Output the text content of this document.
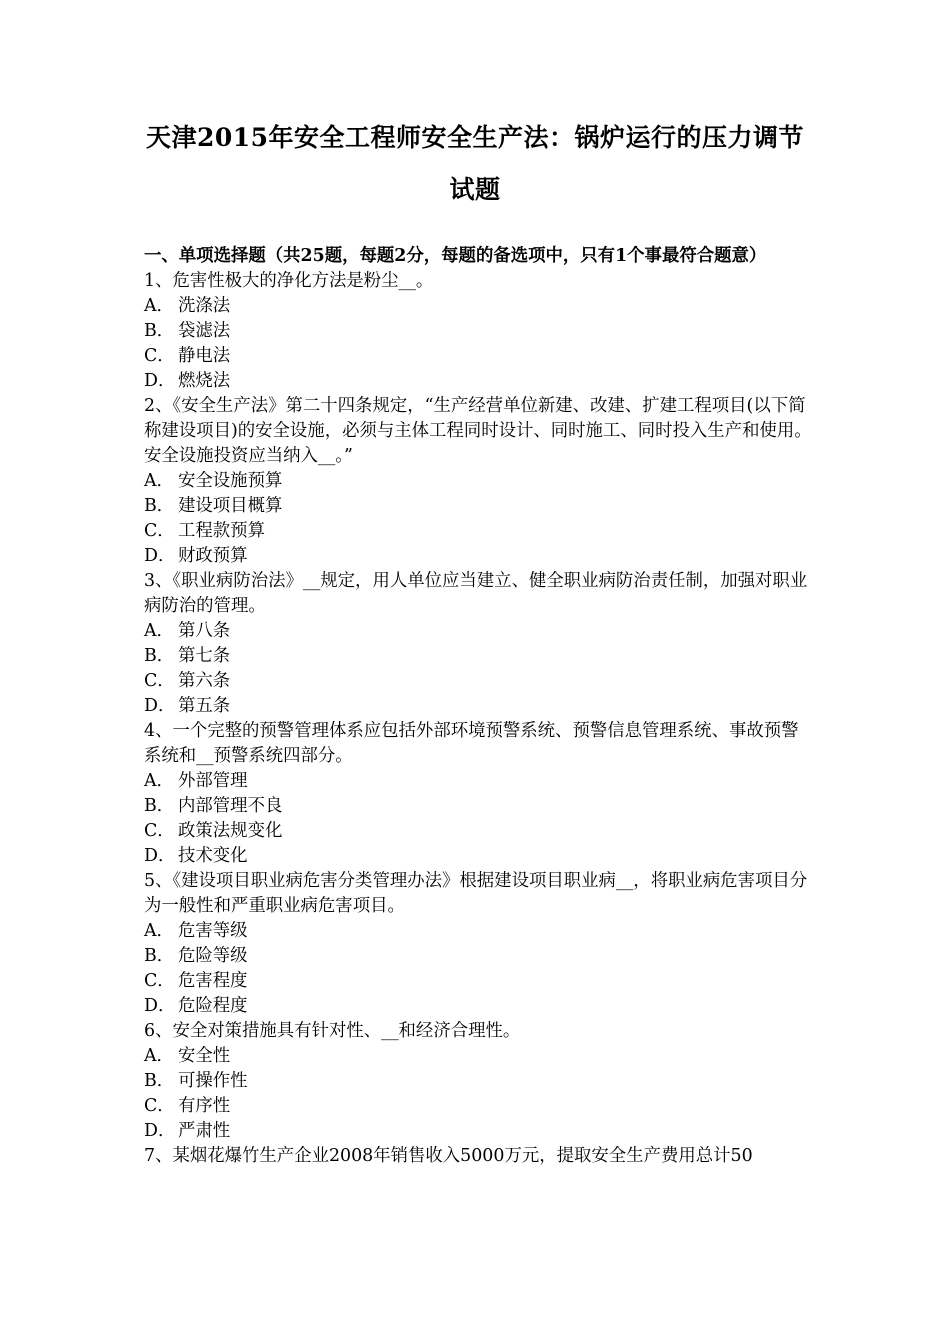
天津2015年安全工程师安全生产法：锅炉运行的压力调节
试题
一、单项选择题（共25题，每题2分，每题的备选项中，只有1个事最符合题意）
1、危害性极大的净化方法是粉尘__。
A． 洗涤法
B． 袋滤法
C． 静电法
D． 燃烧法
2、《安全生产法》第二十四条规定，“生产经营单位新建、改建、扩建工程项目(以下简称建设项目)的安全设施，必须与主体工程同时设计、同时施工、同时投入生产和使用。安全设施投资应当纳入__。”
A． 安全设施预算
B． 建设项目概算
C． 工程款预算
D． 财政预算
3、《职业病防治法》__规定，用人单位应当建立、健全职业病防治责任制，加强对职业病防治的管理。
A． 第八条
B． 第七条
C． 第六条
D． 第五条
4、一个完整的预警管理体系应包括外部环境预警系统、预警信息管理系统、事故预警系统和__预警系统四部分。
A． 外部管理
B． 内部管理不良
C． 政策法规变化
D． 技术变化
5、《建设项目职业病危害分类管理办法》根据建设项目职业病__，将职业病危害项目分为一般性和严重职业病危害项目。
A． 危害等级
B． 危险等级
C． 危害程度
D． 危险程度
6、安全对策措施具有针对性、__和经济合理性。
A． 安全性
B． 可操作性
C． 有序性
D． 严肃性
7、某烟花爆竹生产企业2008年销售收入5000万元，提取安全生产费用总计50
